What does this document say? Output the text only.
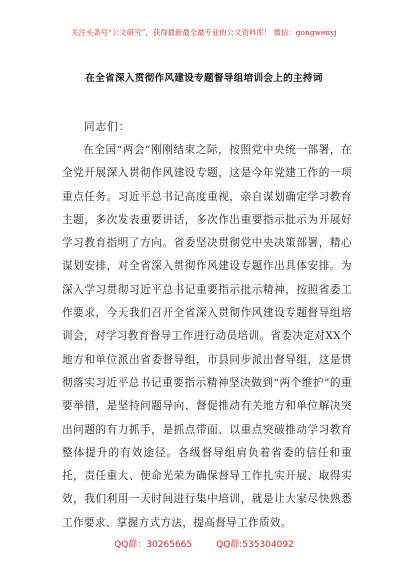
关注头条号“公文研究”，获得最新最全最专业的公文资料库！ 微信：gongwenyj
在全省深入贯彻作风建设专题督导组培训会上的主持词
同志们：

在全国“两会”刚刚结束之际，按照党中央统一部署，在全党开展深入贯彻作风建设专题，这是今年党建工作的一项重点任务。习近平总书记高度重视，亲自谋划确定学习教育主题，多次发表重要讲话，多次作出重要指示批示为开展好学习教育指明了方向。省委坚决贯彻党中央决策部署，精心谋划安排，对全省深入贯彻作风建设专题作出具体安排。为深入学习贯彻习近平总书记重要指示批示精神，按照省委工作要求，今天我们召开全省深入贯彻作风建设专题督导组培训会，对学习教育督导工作进行动员培训。省委决定对XX个地方和单位派出省委督导组，市县同步派出督导组，这是贯彻落实习近平总书记重要指示精神坚决做到“两个维护”的重要举措，是坚持问题导向、督促推动有关地方和单位解决突出问题的有力抓手，是抓点带面、以重点突破推动学习教育整体提升的有效途径。各级督导组肩负着省委的信任和重托，责任重大、使命光荣为确保督导工作扎实开展、取得实效，我们利用一天时间进行集中培训，就是让大家尽快熟悉工作要求、掌握方式方法，提高督导工作质效。

QQ群：30265665	QQ群:535304092
